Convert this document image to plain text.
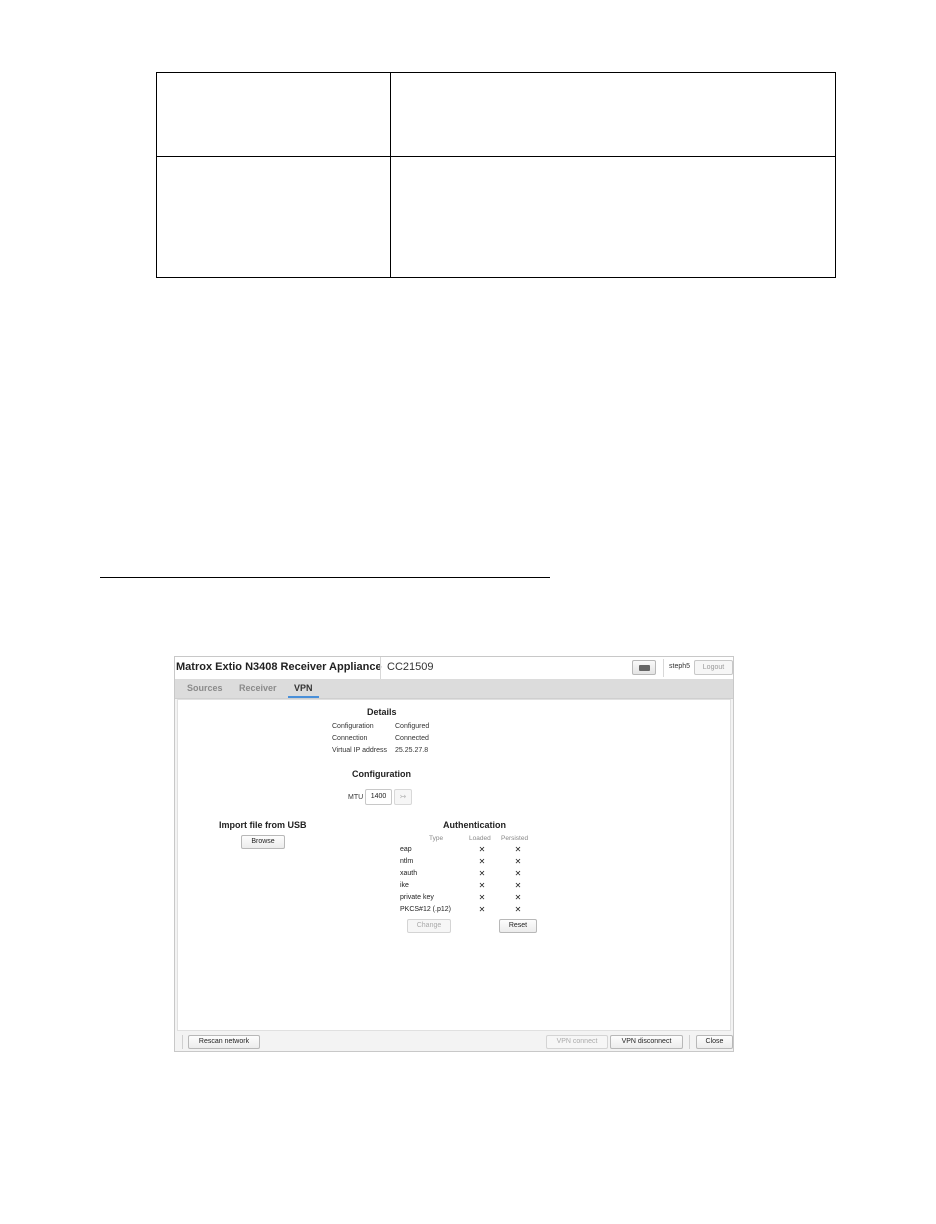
Matrox Extio N3408 Receiver Appliance CC21509	steph5	Logout
Sources Receiver VPN
Details
Configuration	Configured
Connection	Connected
Virtual IP address 25.25.27.8
Configuration
MTU	1400	↣
Import file from USB
Browse
Authentication
Type	Loaded Persisted
eap	✕	✕
ntlm	✕	✕
xauth	✕	✕
ike	✕	✕
private key	✕	✕
PKCS#12 (.p12)	✕	✕
Change	Reset
Rescan network	VPN connect	VPN disconnect	Close
